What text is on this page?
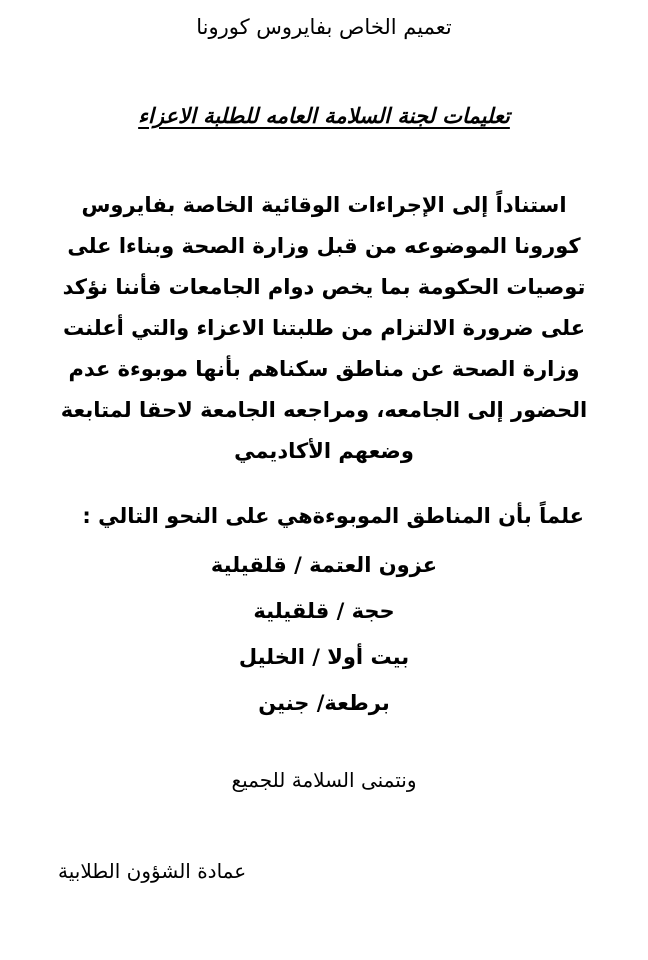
تعميم الخاص بفايروس كورونا
تعليمات لجنة السلامة العامه للطلبة الاعزاء
استناداً إلى الإجراءات الوقائية الخاصة بفايروس
كورونا الموضوعه من قبل وزارة الصحة وبناءا على
توصيات الحكومة بما يخص دوام الجامعات فأننا نؤكد
على ضرورة الالتزام من طلبتنا الاعزاء والتي أعلنت
وزارة الصحة عن مناطق سكناهم بأنها موبوءة عدم
الحضور إلى الجامعه، ومراجعه الجامعة لاحقا لمتابعة
وضعهم الأكاديمي
علماً بأن المناطق الموبوءةهي على النحو التالي :
عزون العتمة / قلقيلية
حجة / قلقيلية
بيت أولا / الخليل
برطعة/ جنين
ونتمنى السلامة للجميع
عمادة الشؤون الطلابية
